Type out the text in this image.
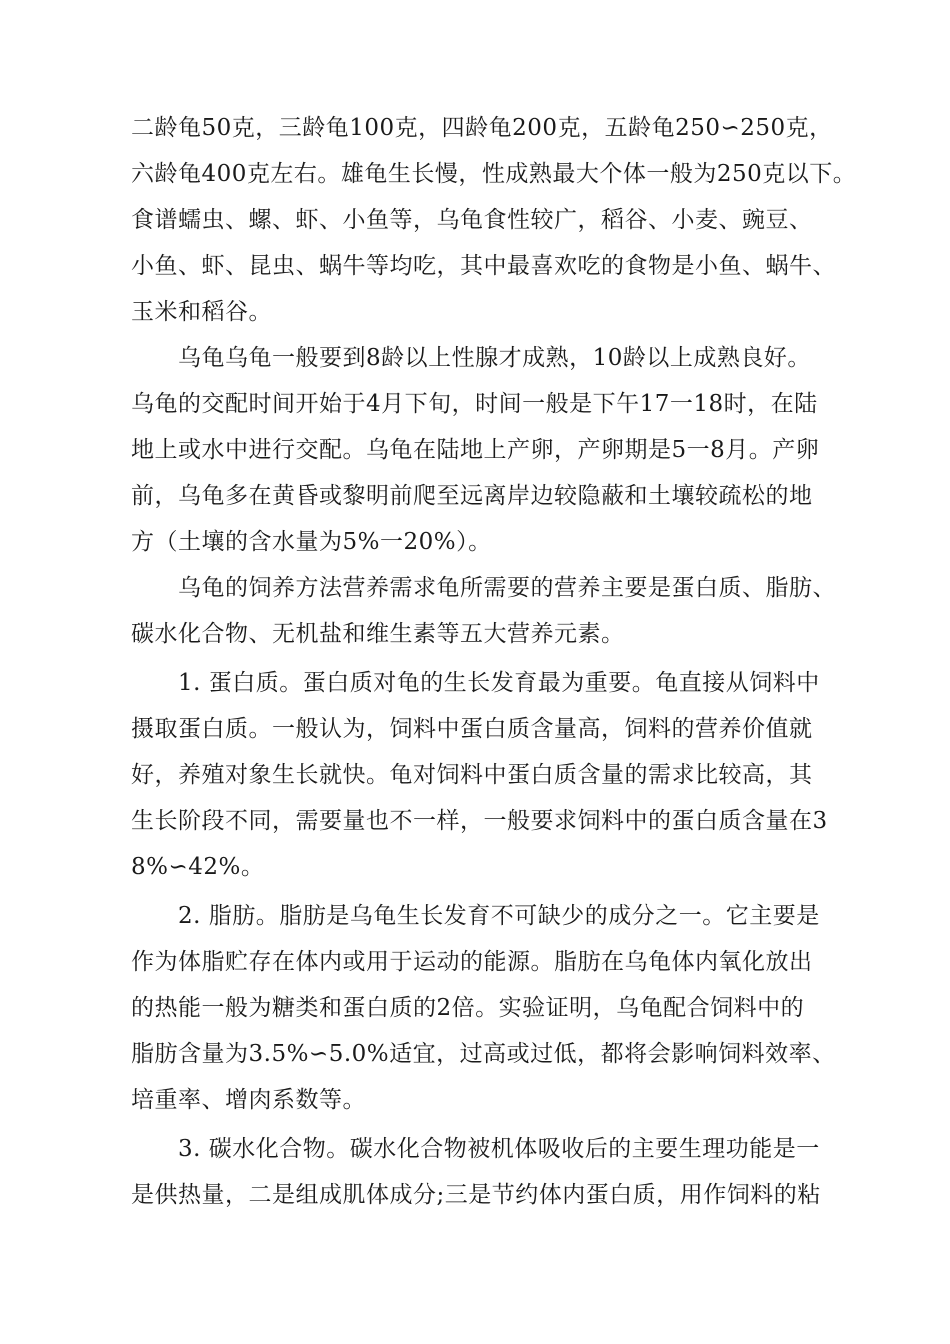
二龄龟50克，三龄龟100克，四龄龟200克，五龄龟250∽250克，
六龄龟400克左右。雄龟生长慢，性成熟最大个体一般为250克以下。
食谱蠕虫、螺、虾、小鱼等，乌龟食性较广，稻谷、小麦、豌豆、
小鱼、虾、昆虫、蜗牛等均吃，其中最喜欢吃的食物是小鱼、蜗牛、
玉米和稻谷。
乌龟乌龟一般要到8龄以上性腺才成熟，10龄以上成熟良好。
乌龟的交配时间开始于4月下旬，时间一般是下午17一18时，在陆
地上或水中进行交配。乌龟在陆地上产卵，产卵期是5一8月。产卵
前，乌龟多在黄昏或黎明前爬至远离岸边较隐蔽和土壤较疏松的地
方（土壤的含水量为5%一20%）。
乌龟的饲养方法营养需求龟所需要的营养主要是蛋白质、脂肪、
碳水化合物、无机盐和维生素等五大营养元素。
1. 蛋白质。蛋白质对龟的生长发育最为重要。龟直接从饲料中
摄取蛋白质。一般认为，饲料中蛋白质含量高，饲料的营养价值就
好，养殖对象生长就快。龟对饲料中蛋白质含量的需求比较高，其
生长阶段不同，需要量也不一样，一般要求饲料中的蛋白质含量在3
8%∽42%。
2. 脂肪。脂肪是乌龟生长发育不可缺少的成分之一。它主要是
作为体脂贮存在体内或用于运动的能源。脂肪在乌龟体内氧化放出
的热能一般为糖类和蛋白质的2倍。实验证明，乌龟配合饲料中的
脂肪含量为3.5%∽5.0%适宜，过高或过低，都将会影响饲料效率、
培重率、增肉系数等。
3. 碳水化合物。碳水化合物被机体吸收后的主要生理功能是一
是供热量，二是组成肌体成分;三是节约体内蛋白质，用作饲料的粘
